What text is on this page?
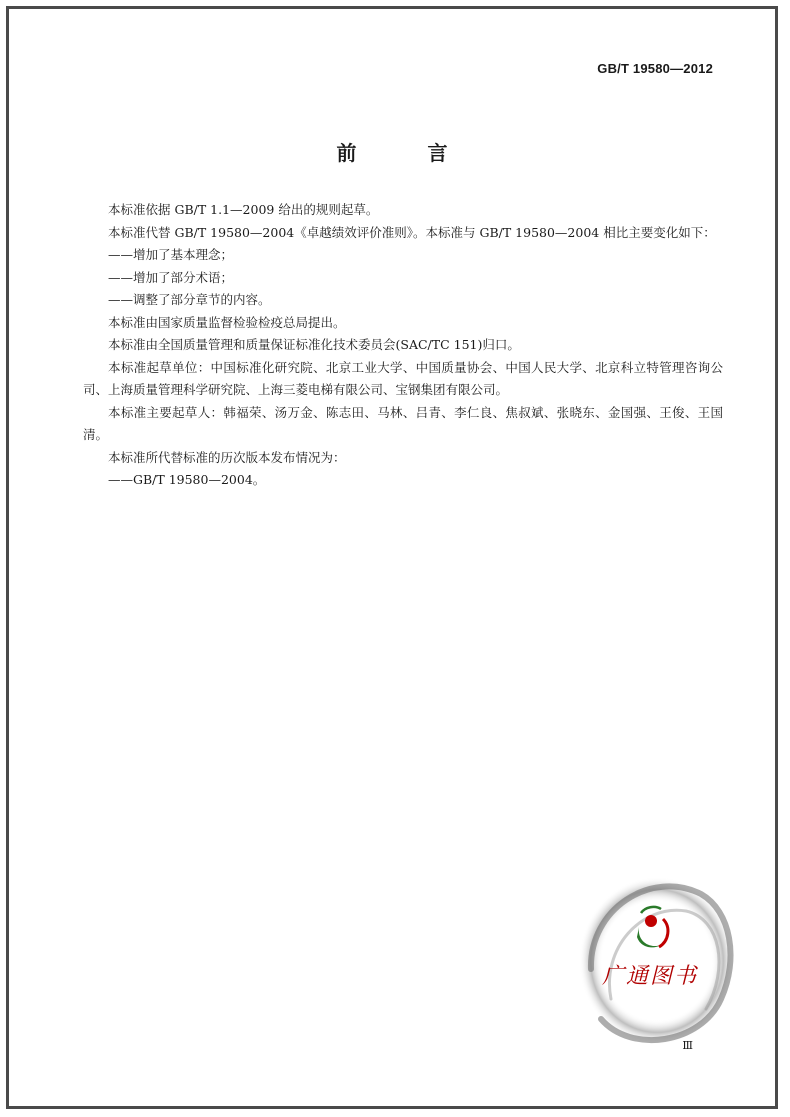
GB/T 19580—2012
前 言

本标准依据 GB/T 1.1—2009 给出的规则起草。

本标准代替 GB/T 19580—2004《卓越绩效评价准则》。本标准与 GB/T 19580—2004 相比主要变化如下：

——增加了基本理念；

——增加了部分术语；

——调整了部分章节的内容。

本标准由国家质量监督检验检疫总局提出。

本标准由全国质量管理和质量保证标准化技术委员会(SAC/TC 151)归口。

本标准起草单位：中国标准化研究院、北京工业大学、中国质量协会、中国人民大学、北京科立特管理咨询公司、上海质量管理科学研究院、上海三菱电梯有限公司、宝钢集团有限公司。

本标准主要起草人：韩福荣、汤万金、陈志田、马林、吕青、李仁良、焦叔斌、张晓东、金国强、王俊、王国清。

本标准所代替标准的历次版本发布情况为：

——GB/T 19580—2004。

广通图书
Ⅲ
